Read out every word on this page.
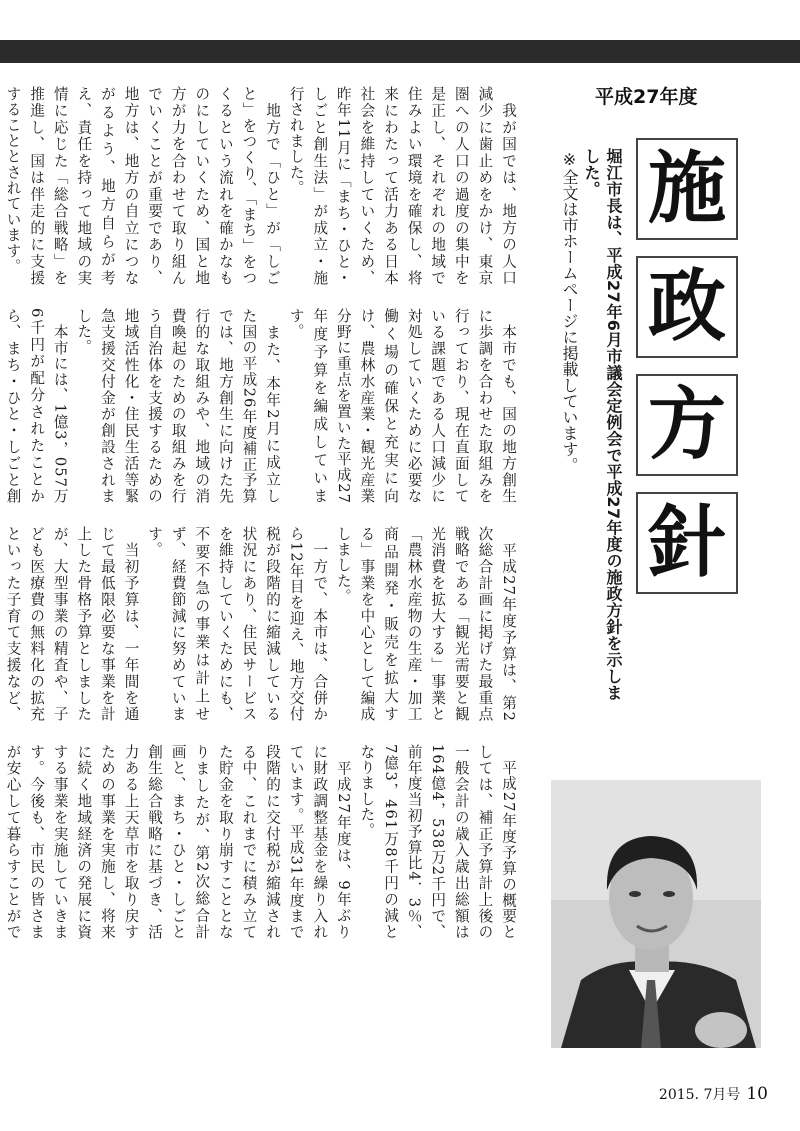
　我が国では、地方の人口減少に歯止めをかけ、東京圏への人口の過度の集中を是正し、それぞれの地域で住みよい環境を確保し、将来にわたって活力ある日本社会を維持していくため、昨年11月に「まち・ひと・しごと創生法」が成立・施行されました。
　地方で「ひと」が「しごと」をつくり、「まち」をつくるという流れを確かなものにしていくため、国と地方が力を合わせて取り組んでいくことが重要であり、地方は、地方の自立につながるよう、地方自らが考え、責任を持って地域の実情に応じた「総合戦略」を推進し、国は伴走的に支援することとされています。
　本市でも、国の地方創生に歩調を合わせた取組みを行っており、現在直面している課題である人口減少に対処していくために必要な働く場の確保と充実に向け、農林水産業・観光産業分野に重点を置いた平成27年度予算を編成しています。
　また、本年2月に成立した国の平成26年度補正予算では、地方創生に向けた先行的な取組みや、地域の消費喚起のための取組みを行う自治体を支援するための地域活性化・住民生活等緊急支援交付金が創設されました。
　本市には、1億3，057万6千円が配分されたことから、まち・ひと・しごと創
　平成27年度予算は、第2次総合計画に掲げた最重点戦略である「観光需要と観光消費を拡大する」事業と「農林水産物の生産・加工商品開発・販売を拡大する」事業を中心として編成しました。
　一方で、本市は、合併から12年目を迎え、地方交付税が段階的に縮減している状況にあり、住民サービスを維持していくためにも、不要不急の事業は計上せず、経費節減に努めています。
　当初予算は、一年間を通じて最低限必要な事業を計上した骨格予算としましたが、大型事業の精査や、子ども医療費の無料化の拡充といった子育て支援など、

　平成27年度予算の概要としては、補正予算計上後の一般会計の歳入歳出総額は164億4，538万2千円で、前年度当初予算比4．3％、7億3，461万8千円の減となりました。
　平成27年度は、9年ぶりに財政調整基金を繰り入れています。平成31年度まで段階的に交付税が縮減される中、これまでに積み立てた貯金を取り崩すこととなりましたが、第2次総合計画と、まち・ひと・しごと創生総合戦略に基づき、活力ある上天草市を取り戻すための事業を実施し、将来に続く地域経済の発展に資する事業を実施していきます。今後も、市民の皆さまが安心して暮らすことがで
平成27年度
施
政
方
針
堀江市長は、平成27年6月市議会定例会で平成27年度の施政方針を示しました。
※全文は市ホームページに掲載しています。
2015. 7月号 10
